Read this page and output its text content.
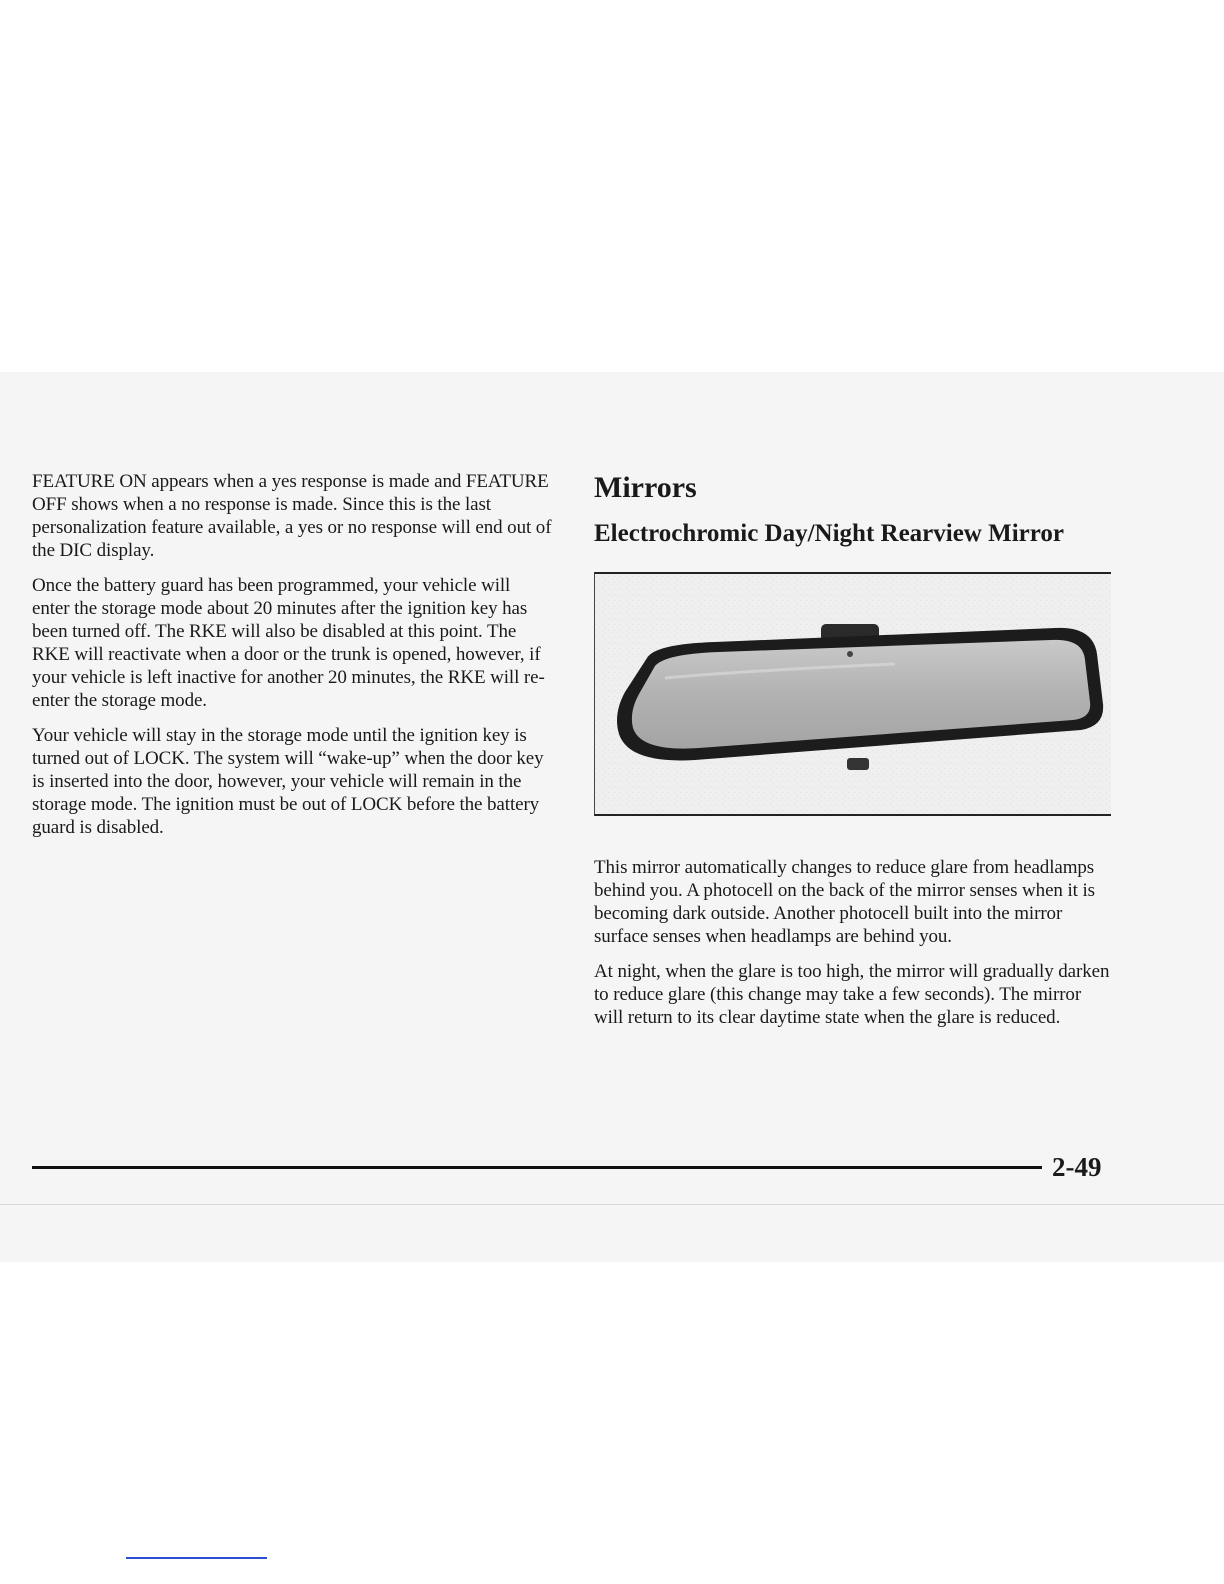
FEATURE ON appears when a yes response is made and FEATURE OFF shows when a no response is made. Since this is the last personalization feature available, a yes or no response will end out of the DIC display.

Once the battery guard has been programmed, your vehicle will enter the storage mode about 20 minutes after the ignition key has been turned off. The RKE will also be disabled at this point. The RKE will reactivate when a door or the trunk is opened, however, if your vehicle is left inactive for another 20 minutes, the RKE will re-enter the storage mode.

Your vehicle will stay in the storage mode until the ignition key is turned out of LOCK. The system will “wake-up” when the door key is inserted into the door, however, your vehicle will remain in the storage mode. The ignition must be out of LOCK before the battery guard is disabled.

Mirrors
Electrochromic Day/Night Rearview Mirror

This mirror automatically changes to reduce glare from headlamps behind you. A photocell on the back of the mirror senses when it is becoming dark outside. Another photocell built into the mirror surface senses when headlamps are behind you.

At night, when the glare is too high, the mirror will gradually darken to reduce glare (this change may take a few seconds). The mirror will return to its clear daytime state when the glare is reduced.

2-49
